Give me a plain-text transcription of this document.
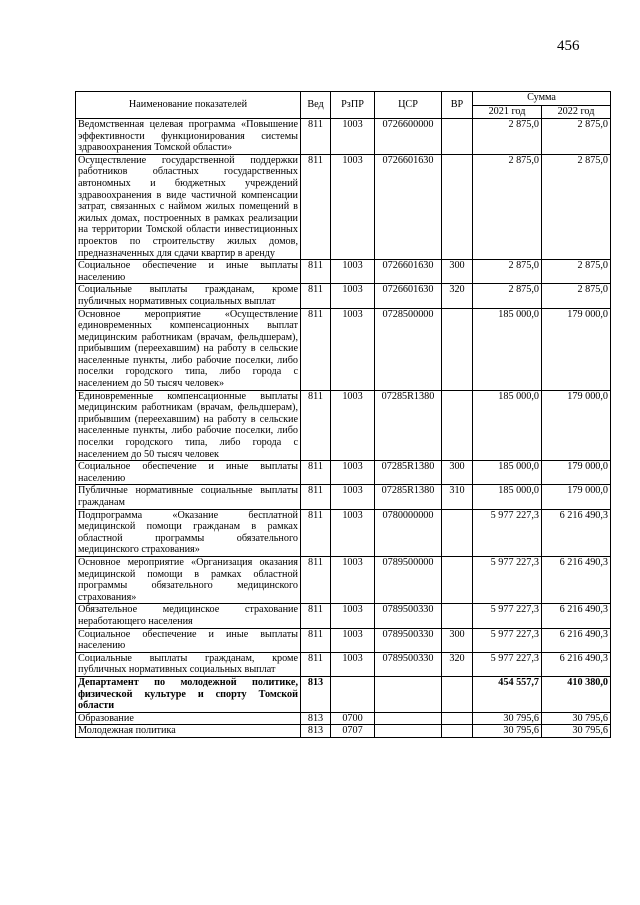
456
Наименование показателей	Вед	РзПР	ЦСР	ВР	Сумма	
					2021 год	2022 год
Ведомственная целевая программа «Повышение эффективности функционирования системы здравоохранения Томской области»	811	1003	0726600000		2 875,0	2 875,0
Осуществление государственной поддержки работников областных государственных автономных и бюджетных учреждений здравоохранения в виде частичной компенсации затрат, связанных с наймом жилых помещений в жилых домах, построенных в рамках реализации на территории Томской области инвестиционных проектов по строительству жилых домов, предназначенных для сдачи квартир в аренду	811	1003	0726601630		2 875,0	2 875,0
Социальное обеспечение и иные выплаты населению	811	1003	0726601630	300	2 875,0	2 875,0
Социальные выплаты гражданам, кроме публичных нормативных социальных выплат	811	1003	0726601630	320	2 875,0	2 875,0
Основное мероприятие «Осуществление единовременных компенсационных выплат медицинским работникам (врачам, фельдшерам), прибывшим (переехавшим) на работу в сельские населенные пункты, либо рабочие поселки, либо поселки городского типа, либо города с населением до 50 тысяч человек»	811	1003	0728500000		185 000,0	179 000,0
Единовременные компенсационные выплаты медицинским работникам (врачам, фельдшерам), прибывшим (переехавшим) на работу в сельские населенные пункты, либо рабочие поселки, либо поселки городского типа, либо города с населением до 50 тысяч человек	811	1003	07285R1380		185 000,0	179 000,0
Социальное обеспечение и иные выплаты населению	811	1003	07285R1380	300	185 000,0	179 000,0
Публичные нормативные социальные выплаты гражданам	811	1003	07285R1380	310	185 000,0	179 000,0
Подпрограмма «Оказание бесплатной медицинской помощи гражданам в рамках областной программы обязательного медицинского страхования»	811	1003	0780000000		5 977 227,3	6 216 490,3
Основное мероприятие «Организация оказания медицинской помощи в рамках областной программы обязательного медицинского страхования»	811	1003	0789500000		5 977 227,3	6 216 490,3
Обязательное медицинское страхование неработающего населения	811	1003	0789500330		5 977 227,3	6 216 490,3
Социальное обеспечение и иные выплаты населению	811	1003	0789500330	300	5 977 227,3	6 216 490,3
Социальные выплаты гражданам, кроме публичных нормативных социальных выплат	811	1003	0789500330	320	5 977 227,3	6 216 490,3
Департамент по молодежной политике, физической культуре и спорту Томской области	813				454 557,7	410 380,0
Образование	813	0700			30 795,6	30 795,6
Молодежная политика	813	0707			30 795,6	30 795,6
